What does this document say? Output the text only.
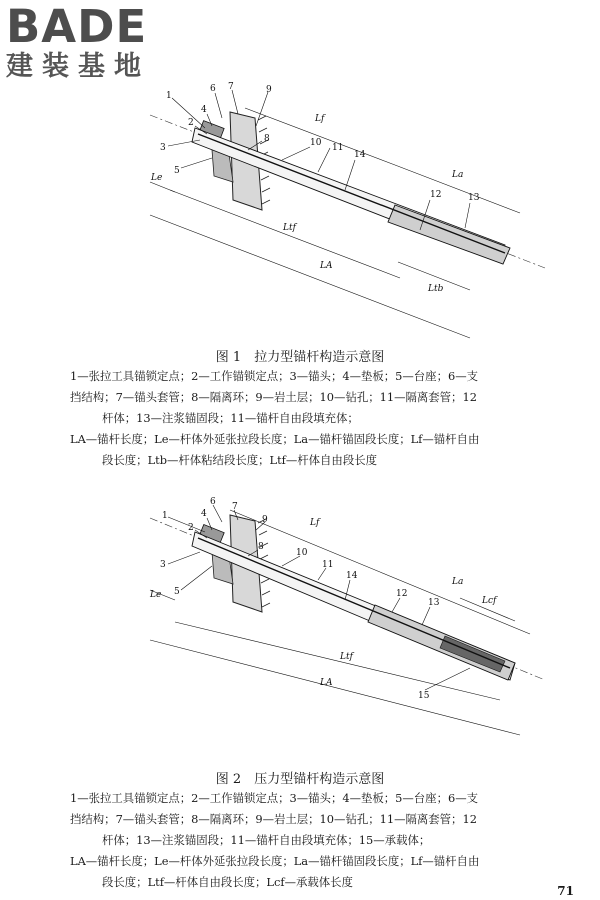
BADE
建装基地
1
2
3
4
5
6 7
8
9
10 11
12	13
14
Lf
La
Le
Ltf
LA
Ltb
图 1　拉力型锚杆构造示意图

1—张拉工具锚锁定点；2—工作锚锁定点；3—锚头；4—垫板；5—台座；6—支

挡结构；7—锚头套管；8—隔离环；9—岩土层；10—钻孔；11—隔离套管；12

杆体；13—注浆锚固段；11—锚杆自由段填充体；

LA—锚杆长度；Le—杆体外延张拉段长度；La—锚杆锚固段长度；Lf—锚杆自由

段长度；Ltb—杆体粘结段长度；Ltf—杆体自由段长度

1
2
3
4
5
6 7
8
9
10
11
12
13
14
15
Lf
La
Lcf
Le
Ltf
LA
图 2　压力型锚杆构造示意图

1—张拉工具锚锁定点；2—工作锚锁定点；3—锚头；4—垫板；5—台座；6—支

挡结构；7—锚头套管；8—隔离环；9—岩土层；10—钻孔；11—隔离套管；12

杆体；13—注浆锚固段；11—锚杆自由段填充体；15—承载体；

LA—锚杆长度；Le—杆体外延张拉段长度；La—锚杆锚固段长度；Lf—锚杆自由

段长度；Ltf—杆体自由段长度；Lcf—承载体长度

71
